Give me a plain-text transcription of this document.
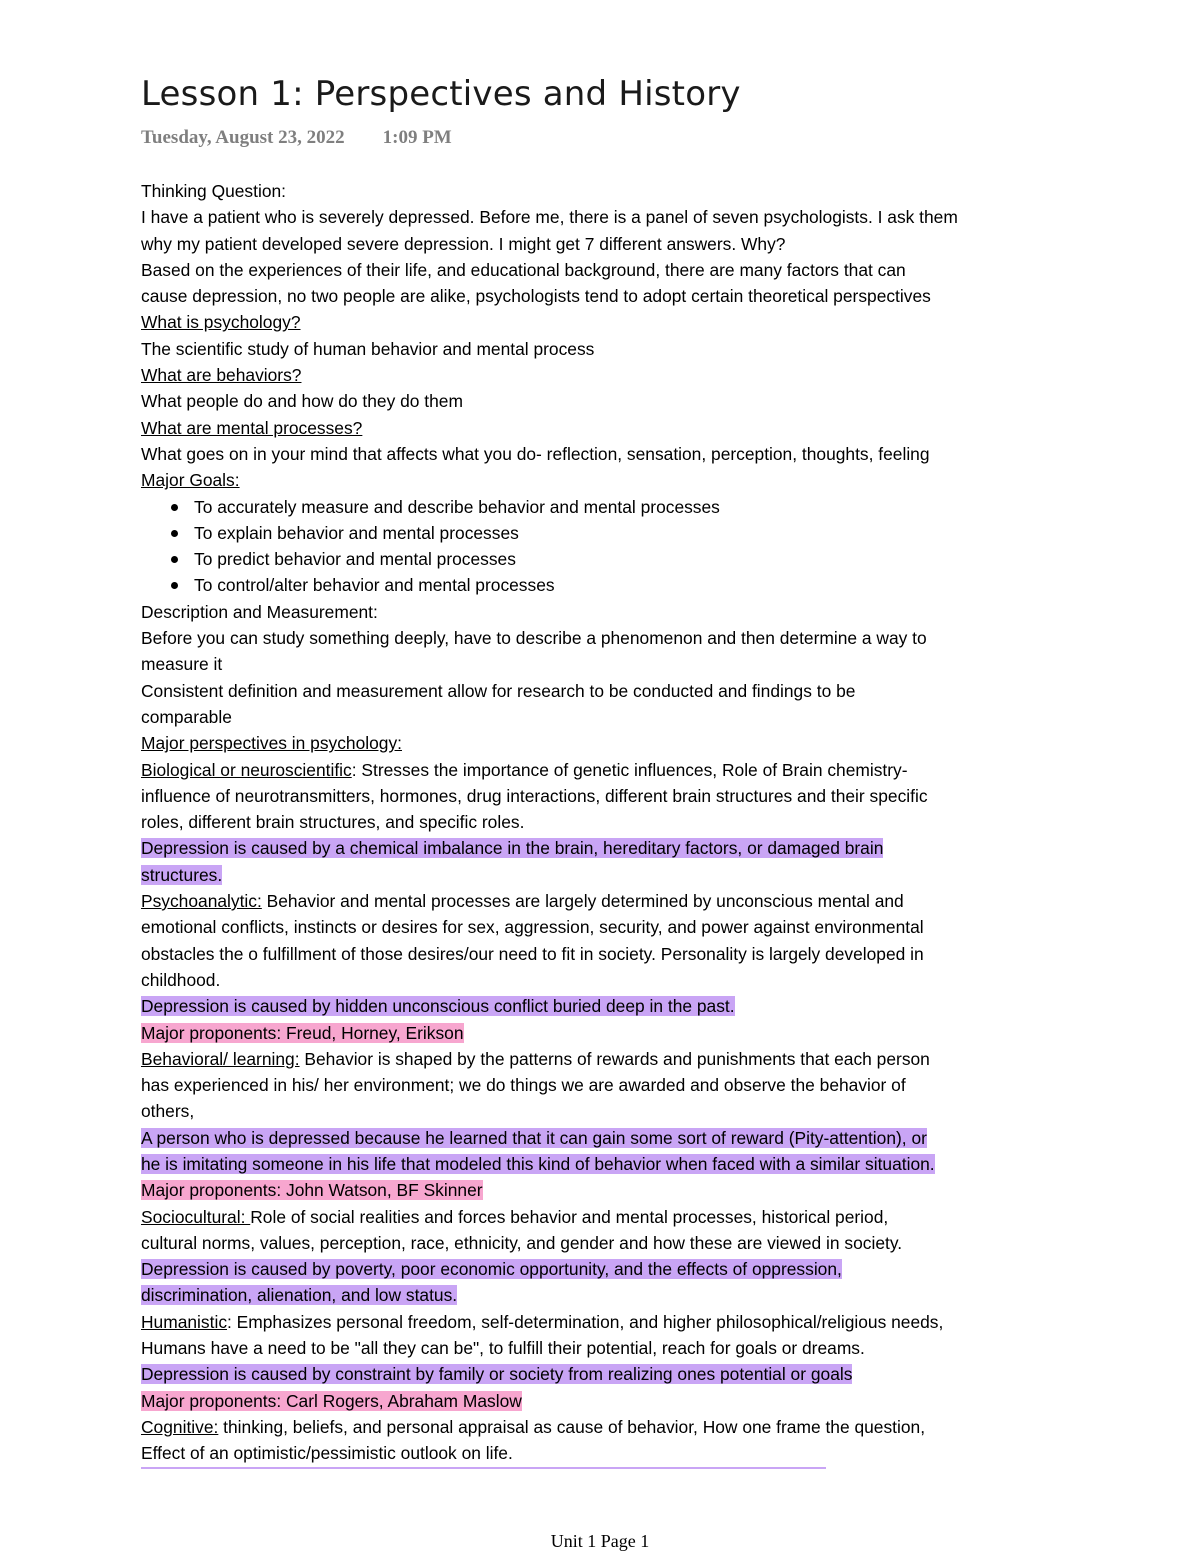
Lesson 1: Perspectives and History
Tuesday, August 23, 2022 1:09 PM
Thinking Question:
I have a patient who is severely depressed. Before me, there is a panel of seven psychologists. I ask them
why my patient developed severe depression. I might get 7 different answers. Why?
Based on the experiences of their life, and educational background, there are many factors that can
cause depression, no two people are alike, psychologists tend to adopt certain theoretical perspectives
What is psychology?
The scientific study of human behavior and mental process
What are behaviors?
What people do and how do they do them
What are mental processes?
What goes on in your mind that affects what you do- reflection, sensation, perception, thoughts, feeling
Major Goals:
To accurately measure and describe behavior and mental processes
To explain behavior and mental processes
To predict behavior and mental processes
To control/alter behavior and mental processes
Description and Measurement:
Before you can study something deeply, have to describe a phenomenon and then determine a way to
measure it
Consistent definition and measurement allow for research to be conducted and findings to be
comparable
Major perspectives in psychology:
Biological or neuroscientific: Stresses the importance of genetic influences, Role of Brain chemistry-
influence of neurotransmitters, hormones, drug interactions, different brain structures and their specific
roles, different brain structures, and specific roles.
Depression is caused by a chemical imbalance in the brain, hereditary factors, or damaged brain
structures.
Psychoanalytic: Behavior and mental processes are largely determined by unconscious mental and
emotional conflicts, instincts or desires for sex, aggression, security, and power against environmental
obstacles the o fulfillment of those desires/our need to fit in society. Personality is largely developed in
childhood.
Depression is caused by hidden unconscious conflict buried deep in the past.
Major proponents: Freud, Horney, Erikson
Behavioral/ learning: Behavior is shaped by the patterns of rewards and punishments that each person
has experienced in his/ her environment; we do things we are awarded and observe the behavior of
others,
A person who is depressed because he learned that it can gain some sort of reward (Pity-attention), or
he is imitating someone in his life that modeled this kind of behavior when faced with a similar situation.
Major proponents: John Watson, BF Skinner
Sociocultural: Role of social realities and forces behavior and mental processes, historical period,
cultural norms, values, perception, race, ethnicity, and gender and how these are viewed in society.
Depression is caused by poverty, poor economic opportunity, and the effects of oppression,
discrimination, alienation, and low status.
Humanistic: Emphasizes personal freedom, self-determination, and higher philosophical/religious needs,
Humans have a need to be "all they can be", to fulfill their potential, reach for goals or dreams.
Depression is caused by constraint by family or society from realizing ones potential or goals
Major proponents: Carl Rogers, Abraham Maslow
Cognitive: thinking, beliefs, and personal appraisal as cause of behavior, How one frame the question,
Effect of an optimistic/pessimistic outlook on life.
Unit 1 Page 1
